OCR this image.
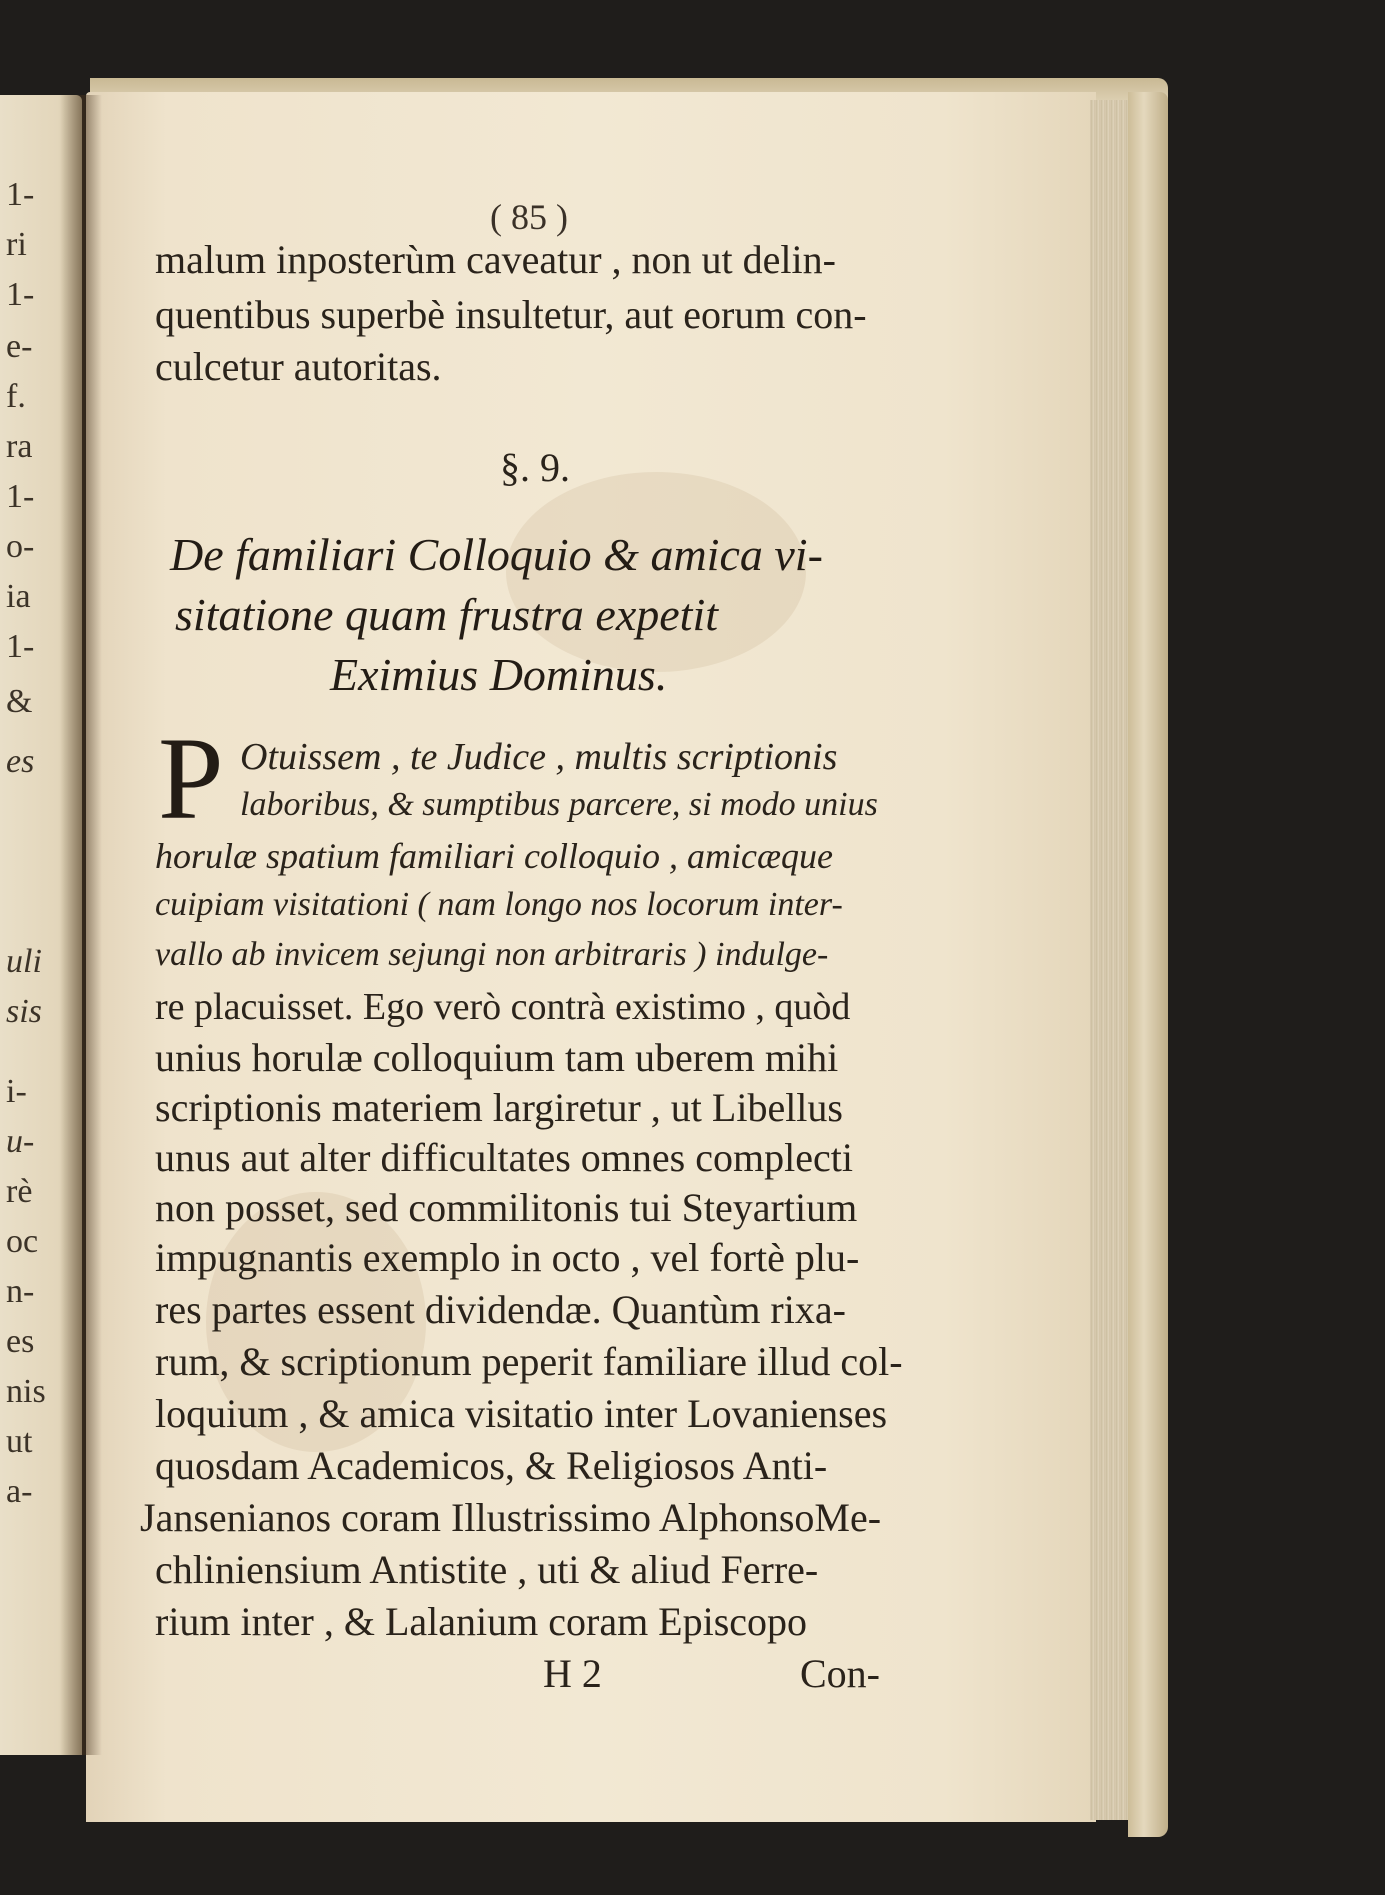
1-
ri
1-
e-
f.
ra
1-
o-
ia
1-
&
es
uli
sis
i-
u-
rè
oc
n-
es
nis
ut
a-
( 85 )
malum inposterùm caveatur , non ut delin-
quentibus superbè insultetur, aut eorum con-
culcetur autoritas.
§. 9.
De familiari Colloquio & amica vi-
sitatione quam frustra expetit
Eximius Dominus.
P Otuissem , te Judice , multis scriptionis
laboribus, & sumptibus parcere, si modo unius
horulæ spatium familiari colloquio , amicæque
cuipiam visitationi ( nam longo nos locorum inter-
vallo ab invicem sejungi non arbitraris ) indulge-
re placuisset. Ego verò contrà existimo , quòd
unius horulæ colloquium tam uberem mihi
scriptionis materiem largiretur , ut Libellus
unus aut alter difficultates omnes complecti
non posset, sed commilitonis tui Steyartium
impugnantis exemplo in octo , vel fortè plu-
res partes essent dividendæ. Quantùm rixa-
rum, & scriptionum peperit familiare illud col-
loquium , & amica visitatio inter Lovanienses
quosdam Academicos, & Religiosos Anti-
Jansenianos coram Illustrissimo AlphonsoMe-
chliniensium Antistite , uti & aliud Ferre-
rium inter , & Lalanium coram Episcopo
H 2	Con-
